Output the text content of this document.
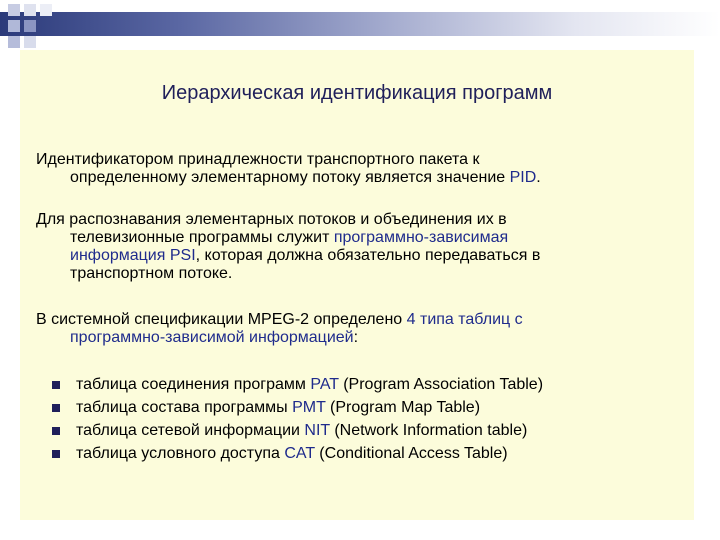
Иерархическая идентификация программ
Идентификатором принадлежности транспортного пакета к
определенному элементарному потоку является значение PID.
Для распознавания элементарных потоков и объединения их в
телевизионные программы служит программно-зависимая
информация PSI, которая должна обязательно передаваться в
транспортном потоке.
В системной спецификации MPEG-2 определено 4 типа таблиц с
программно-зависимой информацией:
таблица соединения программ PAT (Program Association Table)
таблица состава программы PMT (Program Map Table)
таблица сетевой информации NIT (Network Information table)
таблица условного доступа CAT (Conditional Access Table)
